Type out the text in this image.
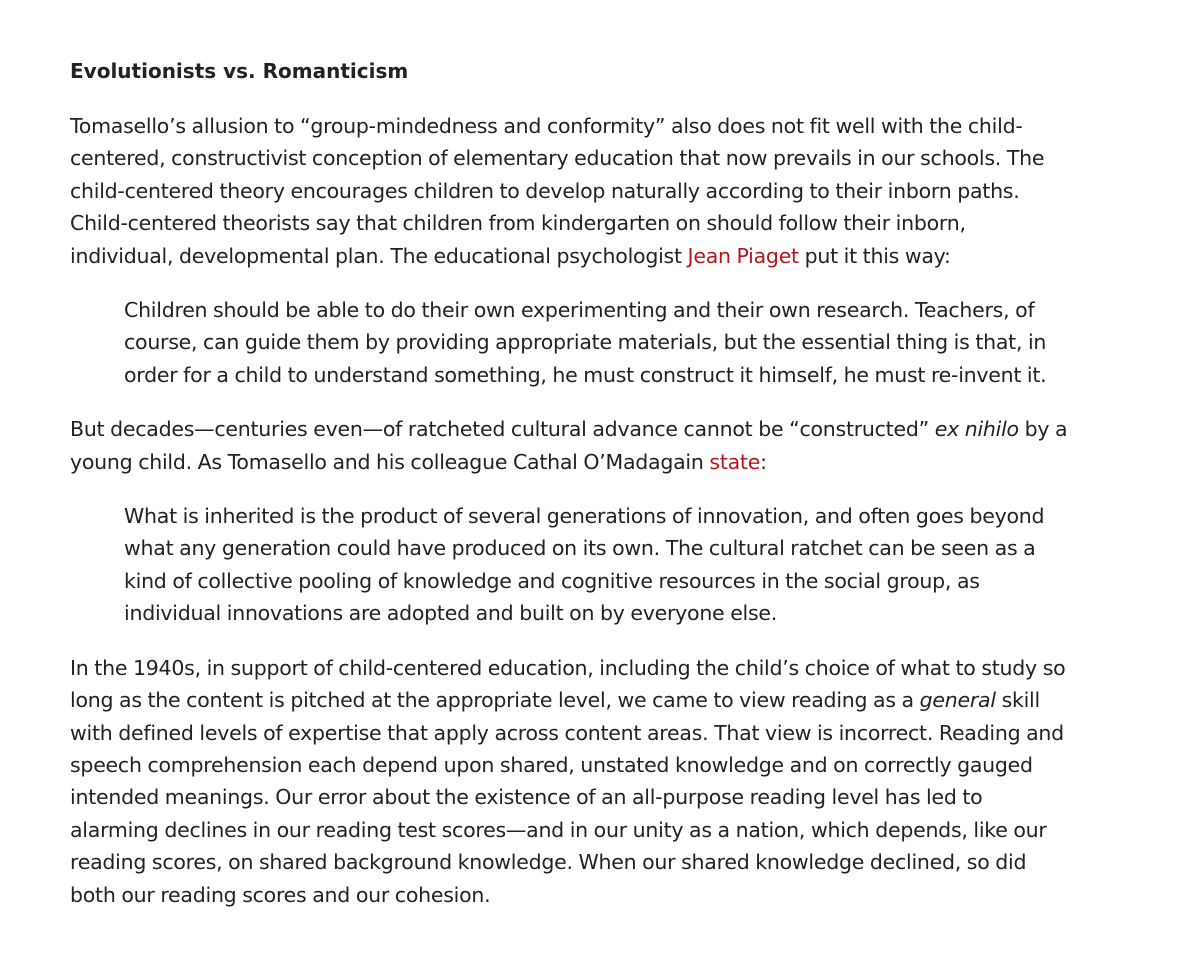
Evolutionists vs. Romanticism

Tomasello’s allusion to “group-mindedness and conformity” also does not fit well with the child-centered, constructivist conception of elementary education that now prevails in our schools. The child-centered theory encourages children to develop naturally according to their inborn paths. Child-centered theorists say that children from kindergarten on should follow their inborn, individual, developmental plan. The educational psychologist Jean Piaget put it this way:

Children should be able to do their own experimenting and their own research. Teachers, of course, can guide them by providing appropriate materials, but the essential thing is that, in order for a child to understand something, he must construct it himself, he must re-invent it.

But decades—centuries even—of ratcheted cultural advance cannot be “constructed” ex nihilo by a young child. As Tomasello and his colleague Cathal O’Madagain state:

What is inherited is the product of several generations of innovation, and often goes beyond what any generation could have produced on its own. The cultural ratchet can be seen as a kind of collective pooling of knowledge and cognitive resources in the social group, as individual innovations are adopted and built on by everyone else.

In the 1940s, in support of child-centered education, including the child’s choice of what to study so long as the content is pitched at the appropriate level, we came to view reading as a general skill with defined levels of expertise that apply across content areas. That view is incorrect. Reading and speech comprehension each depend upon shared, unstated knowledge and on correctly gauged intended meanings. Our error about the existence of an all-purpose reading level has led to alarming declines in our reading test scores—and in our unity as a nation, which depends, like our reading scores, on shared background knowledge. When our shared knowledge declined, so did both our reading scores and our cohesion.
